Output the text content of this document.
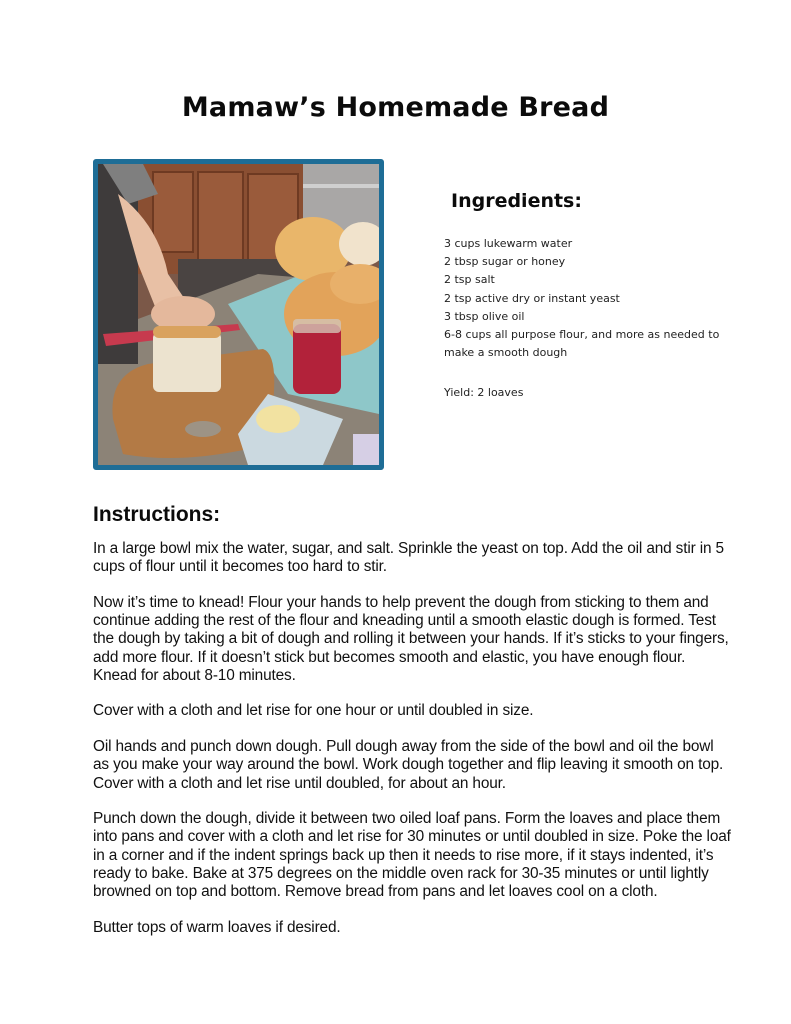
Mamaw’s Homemade Bread
Ingredients:
3 cups lukewarm water
2 tbsp sugar or honey
2 tsp salt
2 tsp active dry or instant yeast
3 tbsp olive oil
6-8 cups all purpose flour, and more as needed to make a smooth dough
Yield: 2 loaves
Instructions:

In a large bowl mix the water, sugar, and salt. Sprinkle the yeast on top. Add the oil and stir in 5 cups of flour until it becomes too hard to stir.

Now it’s time to knead! Flour your hands to help prevent the dough from sticking to them and continue adding the rest of the flour and kneading until a smooth elastic dough is formed. Test the dough by taking a bit of dough and rolling it between your hands. If it’s sticks to your fingers, add more flour. If it doesn’t stick but becomes smooth and elastic, you have enough flour. Knead for about 8-10 minutes.

Cover with a cloth and let rise for one hour or until doubled in size.

Oil hands and punch down dough. Pull dough away from the side of the bowl and oil the bowl as you make your way around the bowl. Work dough together and flip leaving it smooth on top. Cover with a cloth and let rise until doubled, for about an hour.

Punch down the dough, divide it between two oiled loaf pans. Form the loaves and place them into pans and cover with a cloth and let rise for 30 minutes or until doubled in size. Poke the loaf in a corner and if the indent springs back up then it needs to rise more, if it stays indented, it’s ready to bake. Bake at 375 degrees on the middle oven rack for 30-35 minutes or until lightly browned on top and bottom. Remove bread from pans and let loaves cool on a cloth.

Butter tops of warm loaves if desired.
